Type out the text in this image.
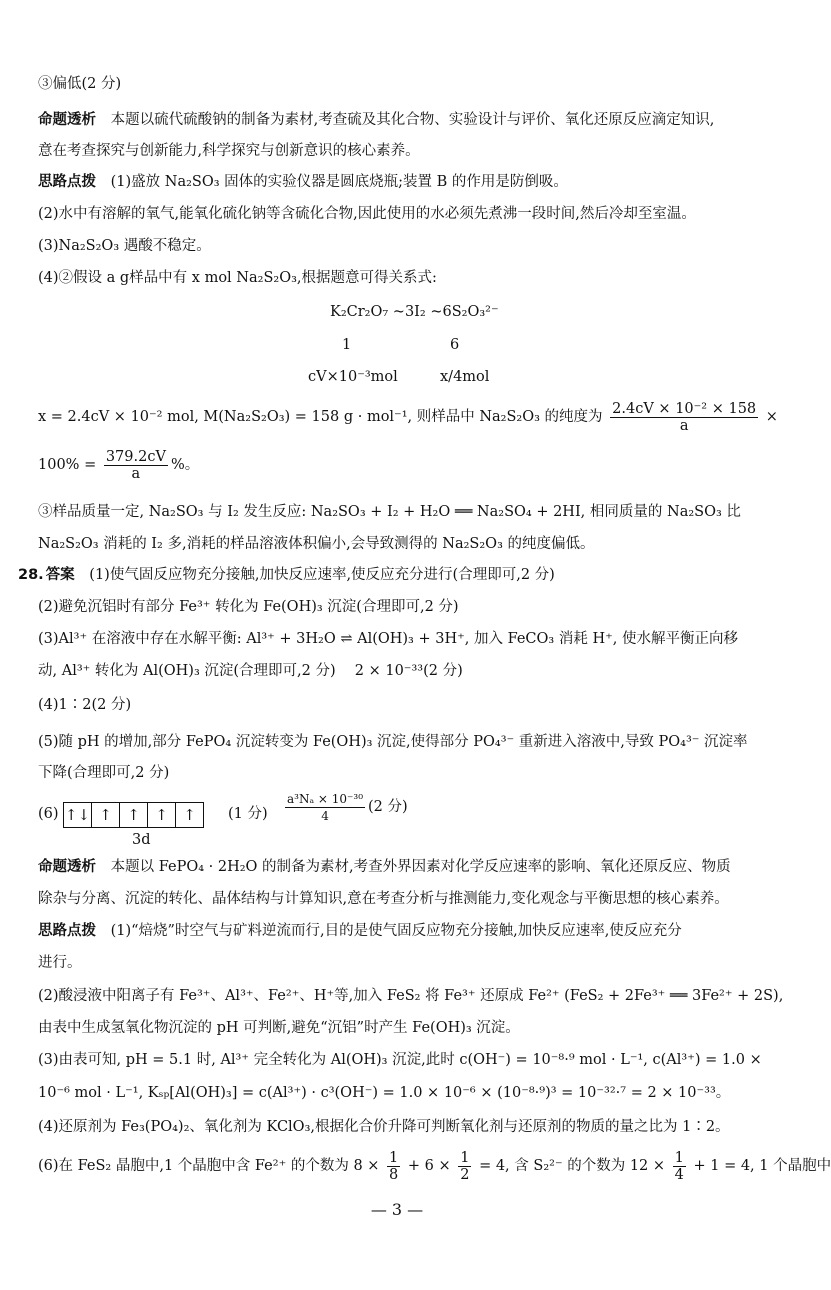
③偏低(2 分)
命题透析 本题以硫代硫酸钠的制备为素材,考查硫及其化合物、实验设计与评价、氧化还原反应滴定知识,
意在考查探究与创新能力,科学探究与创新意识的核心素养。
思路点拨 (1)盛放 Na₂SO₃ 固体的实验仪器是圆底烧瓶;装置 B 的作用是防倒吸。
(2)水中有溶解的氧气,能氧化硫化钠等含硫化合物,因此使用的水必须先煮沸一段时间,然后冷却至室温。
(3)Na₂S₂O₃ 遇酸不稳定。
(4)②假设 a g样品中有 x mol Na₂S₂O₃,根据题意可得关系式:
K₂Cr₂O₇ ~3I₂ ~6S₂O₃²⁻
1	6
cV×10⁻³mol	x/4mol
x = 2.4cV × 10⁻² mol, M(Na₂S₂O₃) = 158 g · mol⁻¹, 则样品中 Na₂S₂O₃ 的纯度为 $\frac{\text{2.4cV × 10⁻² × 158}}{a}$ ×
$100\% = \frac{379.2cV}{a}$ %。
③样品质量一定, Na₂SO₃ 与 I₂ 发生反应: Na₂SO₃ + I₂ + H₂O ══ Na₂SO₄ + 2HI, 相同质量的 Na₂SO₃ 比
Na₂S₂O₃ 消耗的 I₂ 多,消耗的样品溶液体积偏小,会导致测得的 Na₂S₂O₃ 的纯度偏低。
28. 答案 (1)使气固反应物充分接触,加快反应速率,使反应充分进行(合理即可,2 分)
(2)避免沉铝时有部分 Fe³⁺ 转化为 Fe(OH)₃ 沉淀(合理即可,2 分)
(3)Al³⁺ 在溶液中存在水解平衡: Al³⁺ + 3H₂O ⇌ Al(OH)₃ + 3H⁺, 加入 FeCO₃ 消耗 H⁺, 使水解平衡正向移
动, Al³⁺ 转化为 Al(OH)₃ 沉淀(合理即可,2 分)　 2 × 10⁻³³(2 分)
(4)1∶2(2 分)
(5)随 pH 的增加,部分 FePO₄ 沉淀转变为 Fe(OH)₃ 沉淀,使得部分 PO₄³⁻ 重新进入溶液中,导致 PO₄³⁻ 沉淀率
下降(合理即可,2 分)
(6) ↑↓ ↑	↑	↑	↑
3d
(1 分) $\frac{\text{a³Nₐ × 10⁻³⁰}}{4} (2$ 分)
命题透析 本题以 FePO₄ · 2H₂O 的制备为素材,考查外界因素对化学反应速率的影响、氧化还原反应、物质
除杂与分离、沉淀的转化、晶体结构与计算知识,意在考查分析与推测能力,变化观念与平衡思想的核心素养。
思路点拨 (1)“焙烧”时空气与矿料逆流而行,目的是使气固反应物充分接触,加快反应速率,使反应充分
进行。
(2)酸浸液中阳离子有 Fe³⁺、Al³⁺、Fe²⁺、H⁺等,加入 FeS₂ 将 Fe³⁺ 还原成 Fe²⁺ (FeS₂ + 2Fe³⁺ ══ 3Fe²⁺ + 2S),
由表中生成氢氧化物沉淀的 pH 可判断,避免“沉铝”时产生 Fe(OH)₃ 沉淀。
(3)由表可知, pH = 5.1 时, Al³⁺ 完全转化为 Al(OH)₃ 沉淀,此时 c(OH⁻) = 10⁻⁸·⁹ mol · L⁻¹, c(Al³⁺) = 1.0 ×
10⁻⁶ mol · L⁻¹, Kₛₚ[Al(OH)₃] = c(Al³⁺) · c³(OH⁻) = 1.0 × 10⁻⁶ × (10⁻⁸·⁹)³ = 10⁻³²·⁷ = 2 × 10⁻³³。
(4)还原剂为 Fe₃(PO₄)₂、氧化剂为 KClO₃,根据化合价升降可判断氧化剂与还原剂的物质的量之比为 1∶2。
(6)在 FeS₂ 晶胞中,1 个晶胞中含 Fe²⁺ 的个数为 $8 \times \frac{1}{8} + 6 \times \frac{1}{2} = 4$, 含 S₂²⁻ 的个数为 $12 \times \frac{1}{4} + 1 = 4$, 1 个晶胞中
— 3 —
